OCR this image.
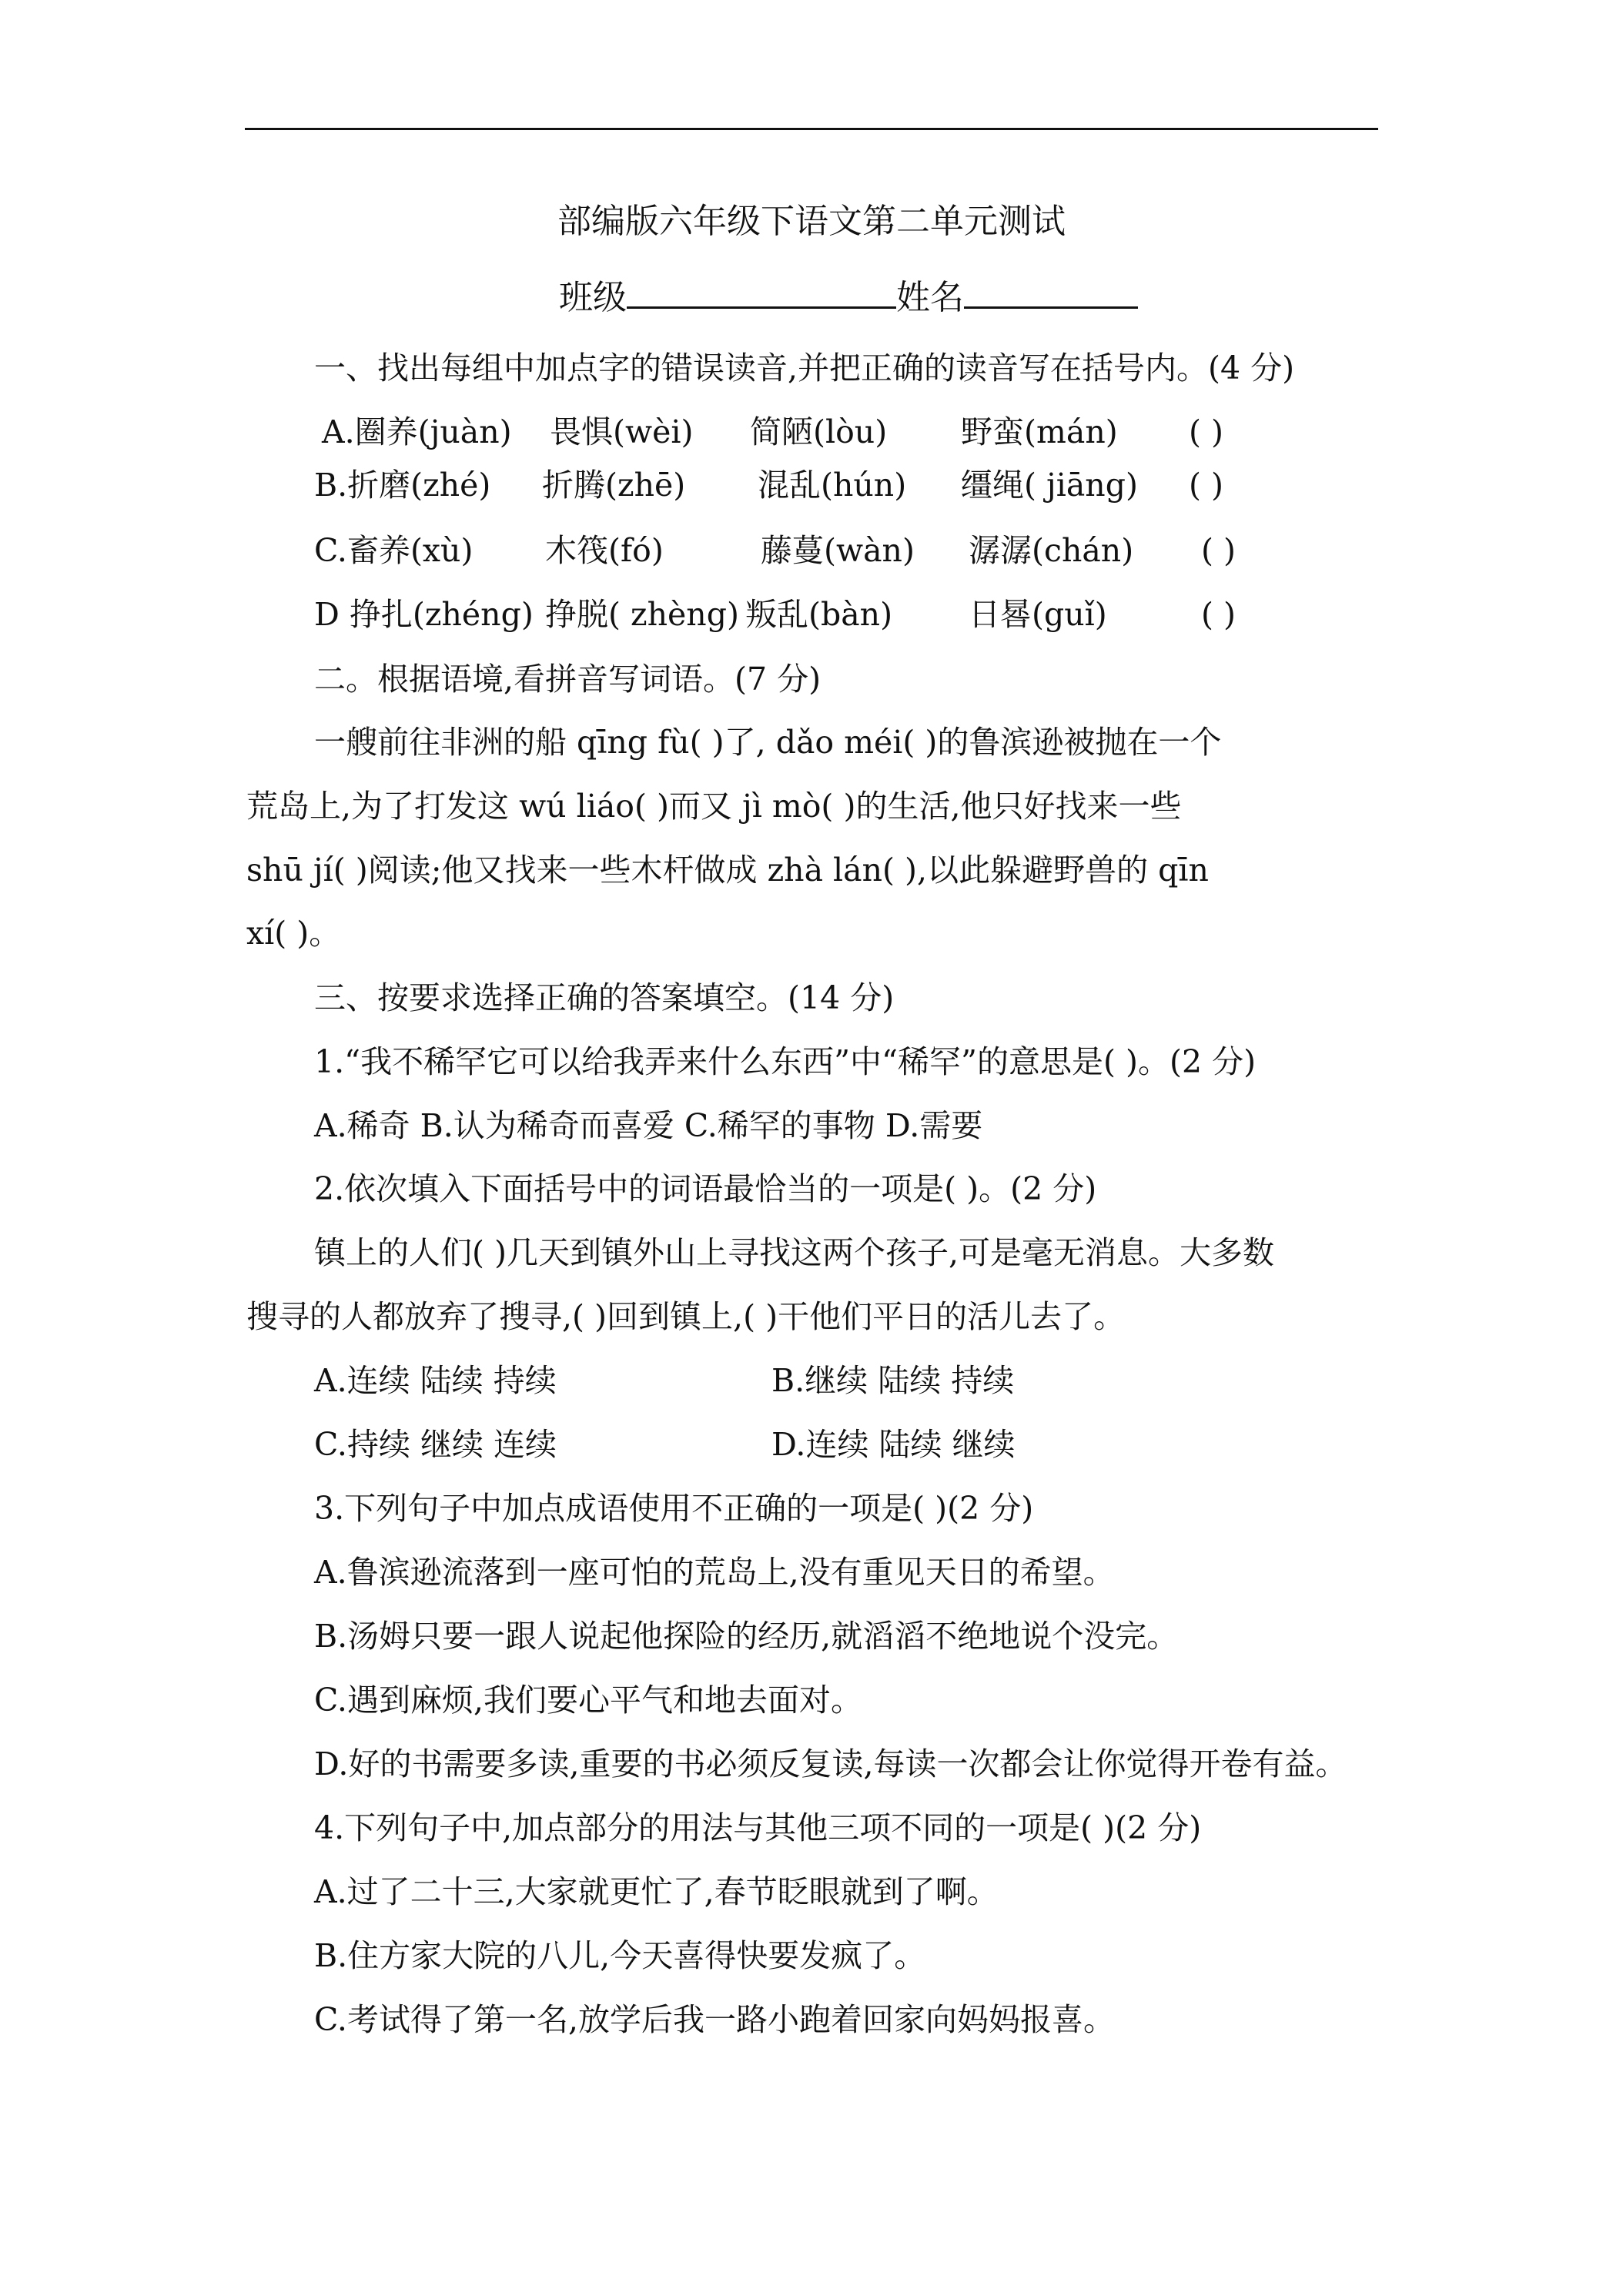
部编版六年级下语文第二单元测试
班级	姓名
一、找出每组中加点字的错误读音,并把正确的读音写在括号内。(4 分)
A.圈养(juàn) 畏惧(wèi) 简陋(lòu) 野蛮(mán) ( )
B.折磨(zhé) 折腾(zhē) 混乱(hún) 缰绳( jiāng) ( )
C.畜养(xù) 木筏(fó)	藤蔓(wàn) 潺潺(chán) ( )
D 挣扎(zhéng) 挣脱( zhèng) 叛乱(bàn) 日晷(guǐ)	( )
二。根据语境,看拼音写词语。(7 分)
一艘前往非洲的船 qīng fù( )了, dǎo méi( )的鲁滨逊被抛在一个
荒岛上,为了打发这 wú liáo( )而又 jì mò( )的生活,他只好找来一些
shū jí( )阅读;他又找来一些木杆做成 zhà lán( ),以此躲避野兽的 qīn
xí( )。
三、按要求选择正确的答案填空。(14 分)
1.“我不稀罕它可以给我弄来什么东西”中“稀罕”的意思是( )。(2 分)
A.稀奇 B.认为稀奇而喜爱 C.稀罕的事物 D.需要
2.依次填入下面括号中的词语最恰当的一项是( )。(2 分)
镇上的人们( )几天到镇外山上寻找这两个孩子,可是毫无消息。大多数
搜寻的人都放弃了搜寻,( )回到镇上,( )干他们平日的活儿去了。
A.连续 陆续 持续	B.继续 陆续 持续
C.持续 继续 连续	D.连续 陆续 继续
3.下列句子中加点成语使用不正确的一项是( )(2 分)
A.鲁滨逊流落到一座可怕的荒岛上,没有重见天日的希望。
B.汤姆只要一跟人说起他探险的经历,就滔滔不绝地说个没完。
C.遇到麻烦,我们要心平气和地去面对。
D.好的书需要多读,重要的书必须反复读,每读一次都会让你觉得开卷有益。
4.下列句子中,加点部分的用法与其他三项不同的一项是( )(2 分)
A.过了二十三,大家就更忙了,春节眨眼就到了啊。
B.住方家大院的八儿,今天喜得快要发疯了。
C.考试得了第一名,放学后我一路小跑着回家向妈妈报喜。
